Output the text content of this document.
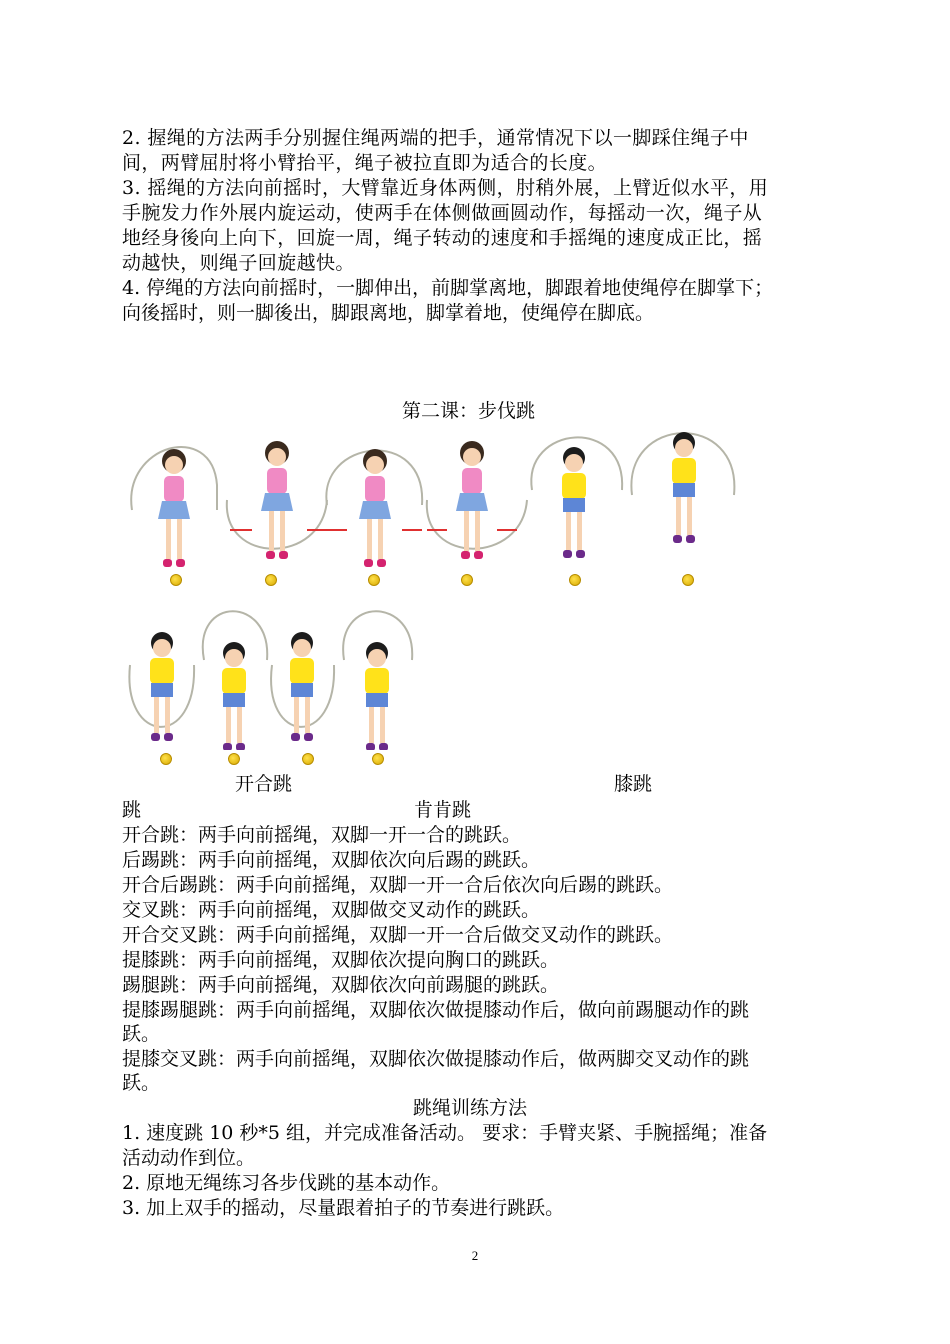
2. 握绳的方法两手分别握住绳两端的把手，通常情况下以一脚踩住绳子中
间，两臂屈肘将小臂抬平，绳子被拉直即为适合的长度。
3. 摇绳的方法向前摇时，大臂靠近身体两侧，肘稍外展，上臂近似水平，用
手腕发力作外展内旋运动，使两手在体侧做画圆动作，每摇动一次，绳子从
地经身後向上向下，回旋一周，绳子转动的速度和手摇绳的速度成正比，摇
动越快，则绳子回旋越快。
4. 停绳的方法向前摇时，一脚伸出，前脚掌离地，脚跟着地使绳停在脚掌下；
向後摇时，则一脚後出，脚跟离地，脚掌着地，使绳停在脚底。
第二课：步伐跳
开合跳	膝跳
跳	肯肯跳
开合跳：两手向前摇绳，双脚一开一合的跳跃。
后踢跳：两手向前摇绳，双脚依次向后踢的跳跃。
开合后踢跳：两手向前摇绳，双脚一开一合后依次向后踢的跳跃。
交叉跳：两手向前摇绳，双脚做交叉动作的跳跃。
开合交叉跳：两手向前摇绳，双脚一开一合后做交叉动作的跳跃。
提膝跳：两手向前摇绳，双脚依次提向胸口的跳跃。
踢腿跳：两手向前摇绳，双脚依次向前踢腿的跳跃。
提膝踢腿跳：两手向前摇绳，双脚依次做提膝动作后，做向前踢腿动作的跳
跃。
提膝交叉跳：两手向前摇绳，双脚依次做提膝动作后，做两脚交叉动作的跳
跃。
跳绳训练方法
1. 速度跳 10 秒*5 组，并完成准备活动。 要求：手臂夹紧、手腕摇绳；准备
活动动作到位。
2. 原地无绳练习各步伐跳的基本动作。
3. 加上双手的摇动，尽量跟着拍子的节奏进行跳跃。
2
